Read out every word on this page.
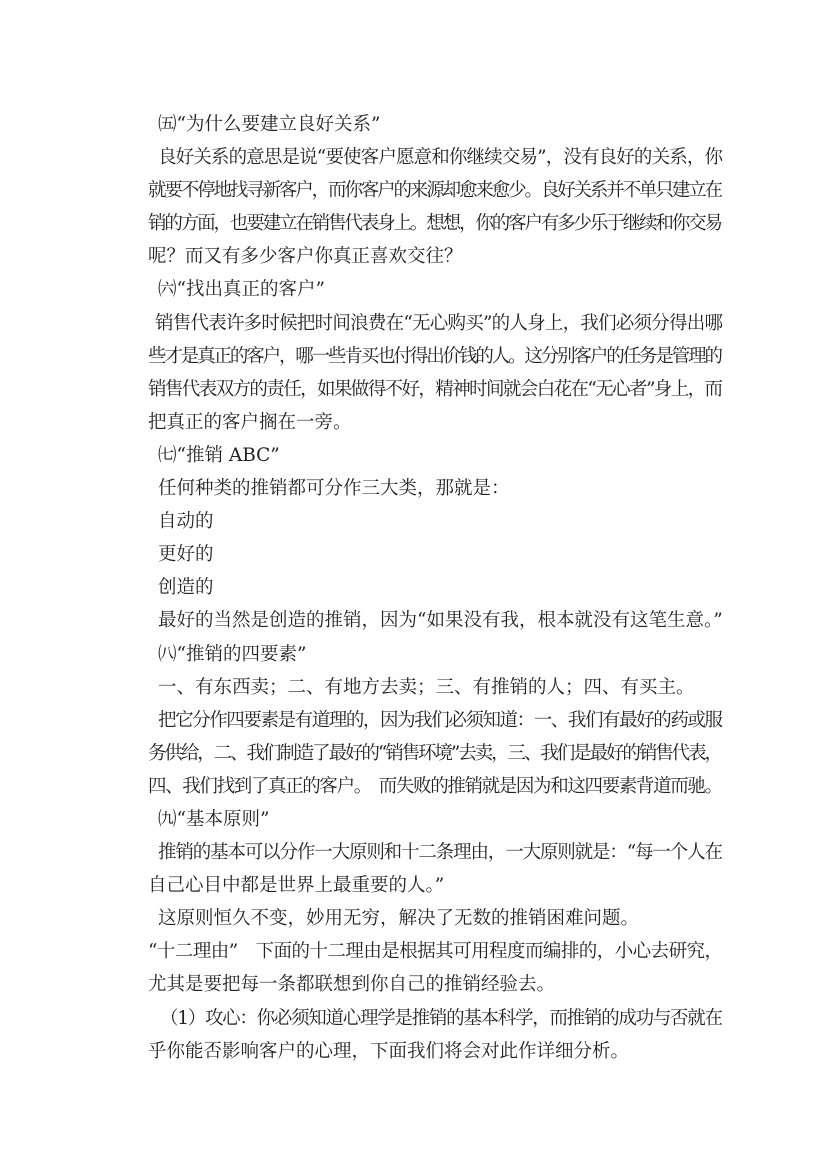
㈤“为什么要建立良好关系”
良好关系的意思是说“要使客户愿意和你继续交易”，没有良好的关系，你
就要不停地找寻新客户，而你客户的来源却愈来愈少。良好关系并不单只建立在
销的方面，也要建立在销售代表身上。想想，你的客户有多少乐于继续和你交易
呢？而又有多少客户你真正喜欢交往？
㈥“找出真正的客户”
销售代表许多时候把时间浪费在“无心购买”的人身上，我们必须分得出哪
些才是真正的客户，哪一些肯买也付得出价钱的人。这分别客户的任务是管理的
销售代表双方的责任，如果做得不好，精神时间就会白花在“无心者”身上，而
把真正的客户搁在一旁。
㈦“推销 ABC”
任何种类的推销都可分作三大类，那就是：
自动的
更好的
创造的
最好的当然是创造的推销，因为“如果没有我，根本就没有这笔生意。”
㈧“推销的四要素”
一、有东西卖；二、有地方去卖；三、有推销的人；四、有买主。
把它分作四要素是有道理的，因为我们必须知道：一、我们有最好的药或服
务供给，二、我们制造了最好的“销售环境”去卖，三、我们是最好的销售代表，
四、我们找到了真正的客户。　而失败的推销就是因为和这四要素背道而驰。
㈨“基本原则”
推销的基本可以分作一大原则和十二条理由，一大原则就是：“每一个人在
自己心目中都是世界上最重要的人。”
这原则恒久不变，妙用无穷，解决了无数的推销困难问题。
“十二理由”　下面的十二理由是根据其可用程度而编排的，小心去研究，
尤其是要把每一条都联想到你自己的推销经验去。
（1）攻心：你必须知道心理学是推销的基本科学，而推销的成功与否就在
乎你能否影响客户的心理，下面我们将会对此作详细分析。
